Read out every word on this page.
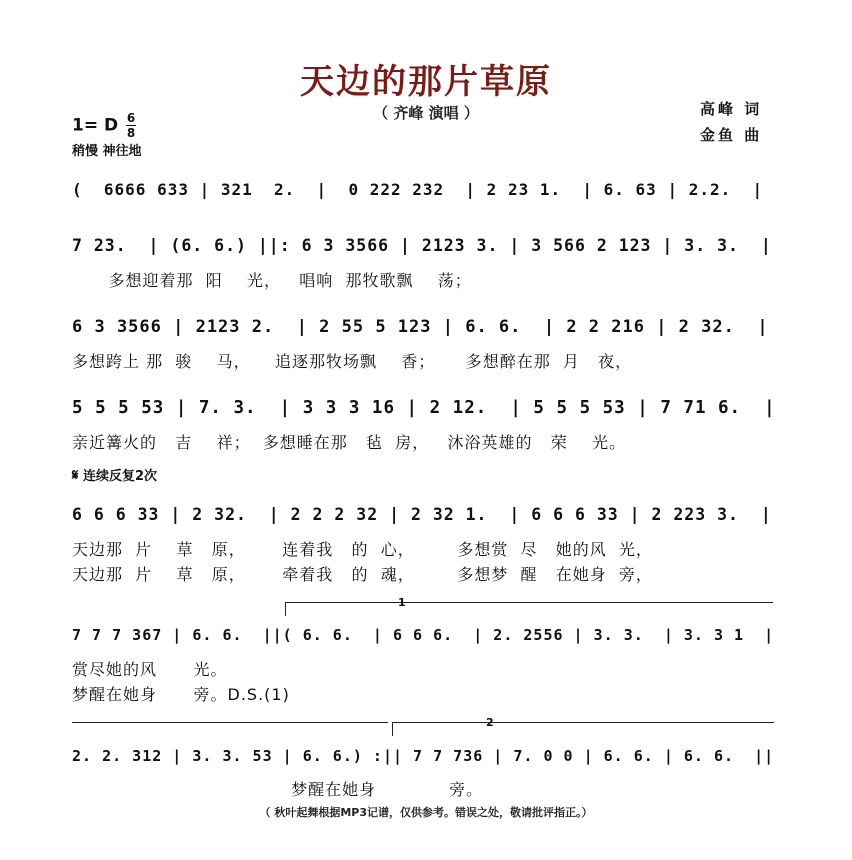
天边的那片草原
（ 齐峰 演唱 ）	高峰 词
金鱼 曲
1= D $\frac{6}{8}$
稍慢 神往地
(  6666 633 | 321  2.  |  0 222 232  | 2 23 1.  | 6. 63 | 2.2.  |
7 23.  | (6. 6.) ||: 6 3 3566 | 2123 3. | 3 566 2 123 | 3. 3.  |
多想迎着那  阳    光，   唱响  那牧歌飘    荡；
6 3 3566 | 2123 2.  | 2 55 5 123 | 6. 6.  | 2 2 216 | 2 32.  |
多想跨上 那  骏    马，    追逐那牧场飘    香；     多想醉在那  月   夜，
5 5 5 53 | 7. 3.  | 3 3 3 16 | 2 12.  | 5 5 5 53 | 7 71 6.  |
亲近篝火的   吉    祥；  多想睡在那   毡  房，   沐浴英雄的   荣    光。
𝄋 连续反复2次
6 6 6 33 | 2 32.  | 2 2 2 32 | 2 32 1.  | 6 6 6 33 | 2 223 3.  |
天边那  片    草   原，      连着我   的  心，       多想赏  尽   她的风  光，
天边那  片    草   原，      牵着我   的  魂，       多想梦  醒   在她身  旁，
1
7 7 7 367 | 6. 6.  ||( 6. 6.  | 6 6 6.  | 2. 2556 | 3. 3.  | 3. 3 1  |
赏尽她的风      光。
梦醒在她身      旁。D.S.(1)
2
2. 2. 312 | 3. 3. 53 | 6. 6.) :|| 7 7 736 | 7. 0 0 | 6. 6. | 6. 6.  ||
梦醒在她身            旁。
（ 秋叶起舞根据MP3记谱，仅供参考。错误之处，敬请批评指正。）
